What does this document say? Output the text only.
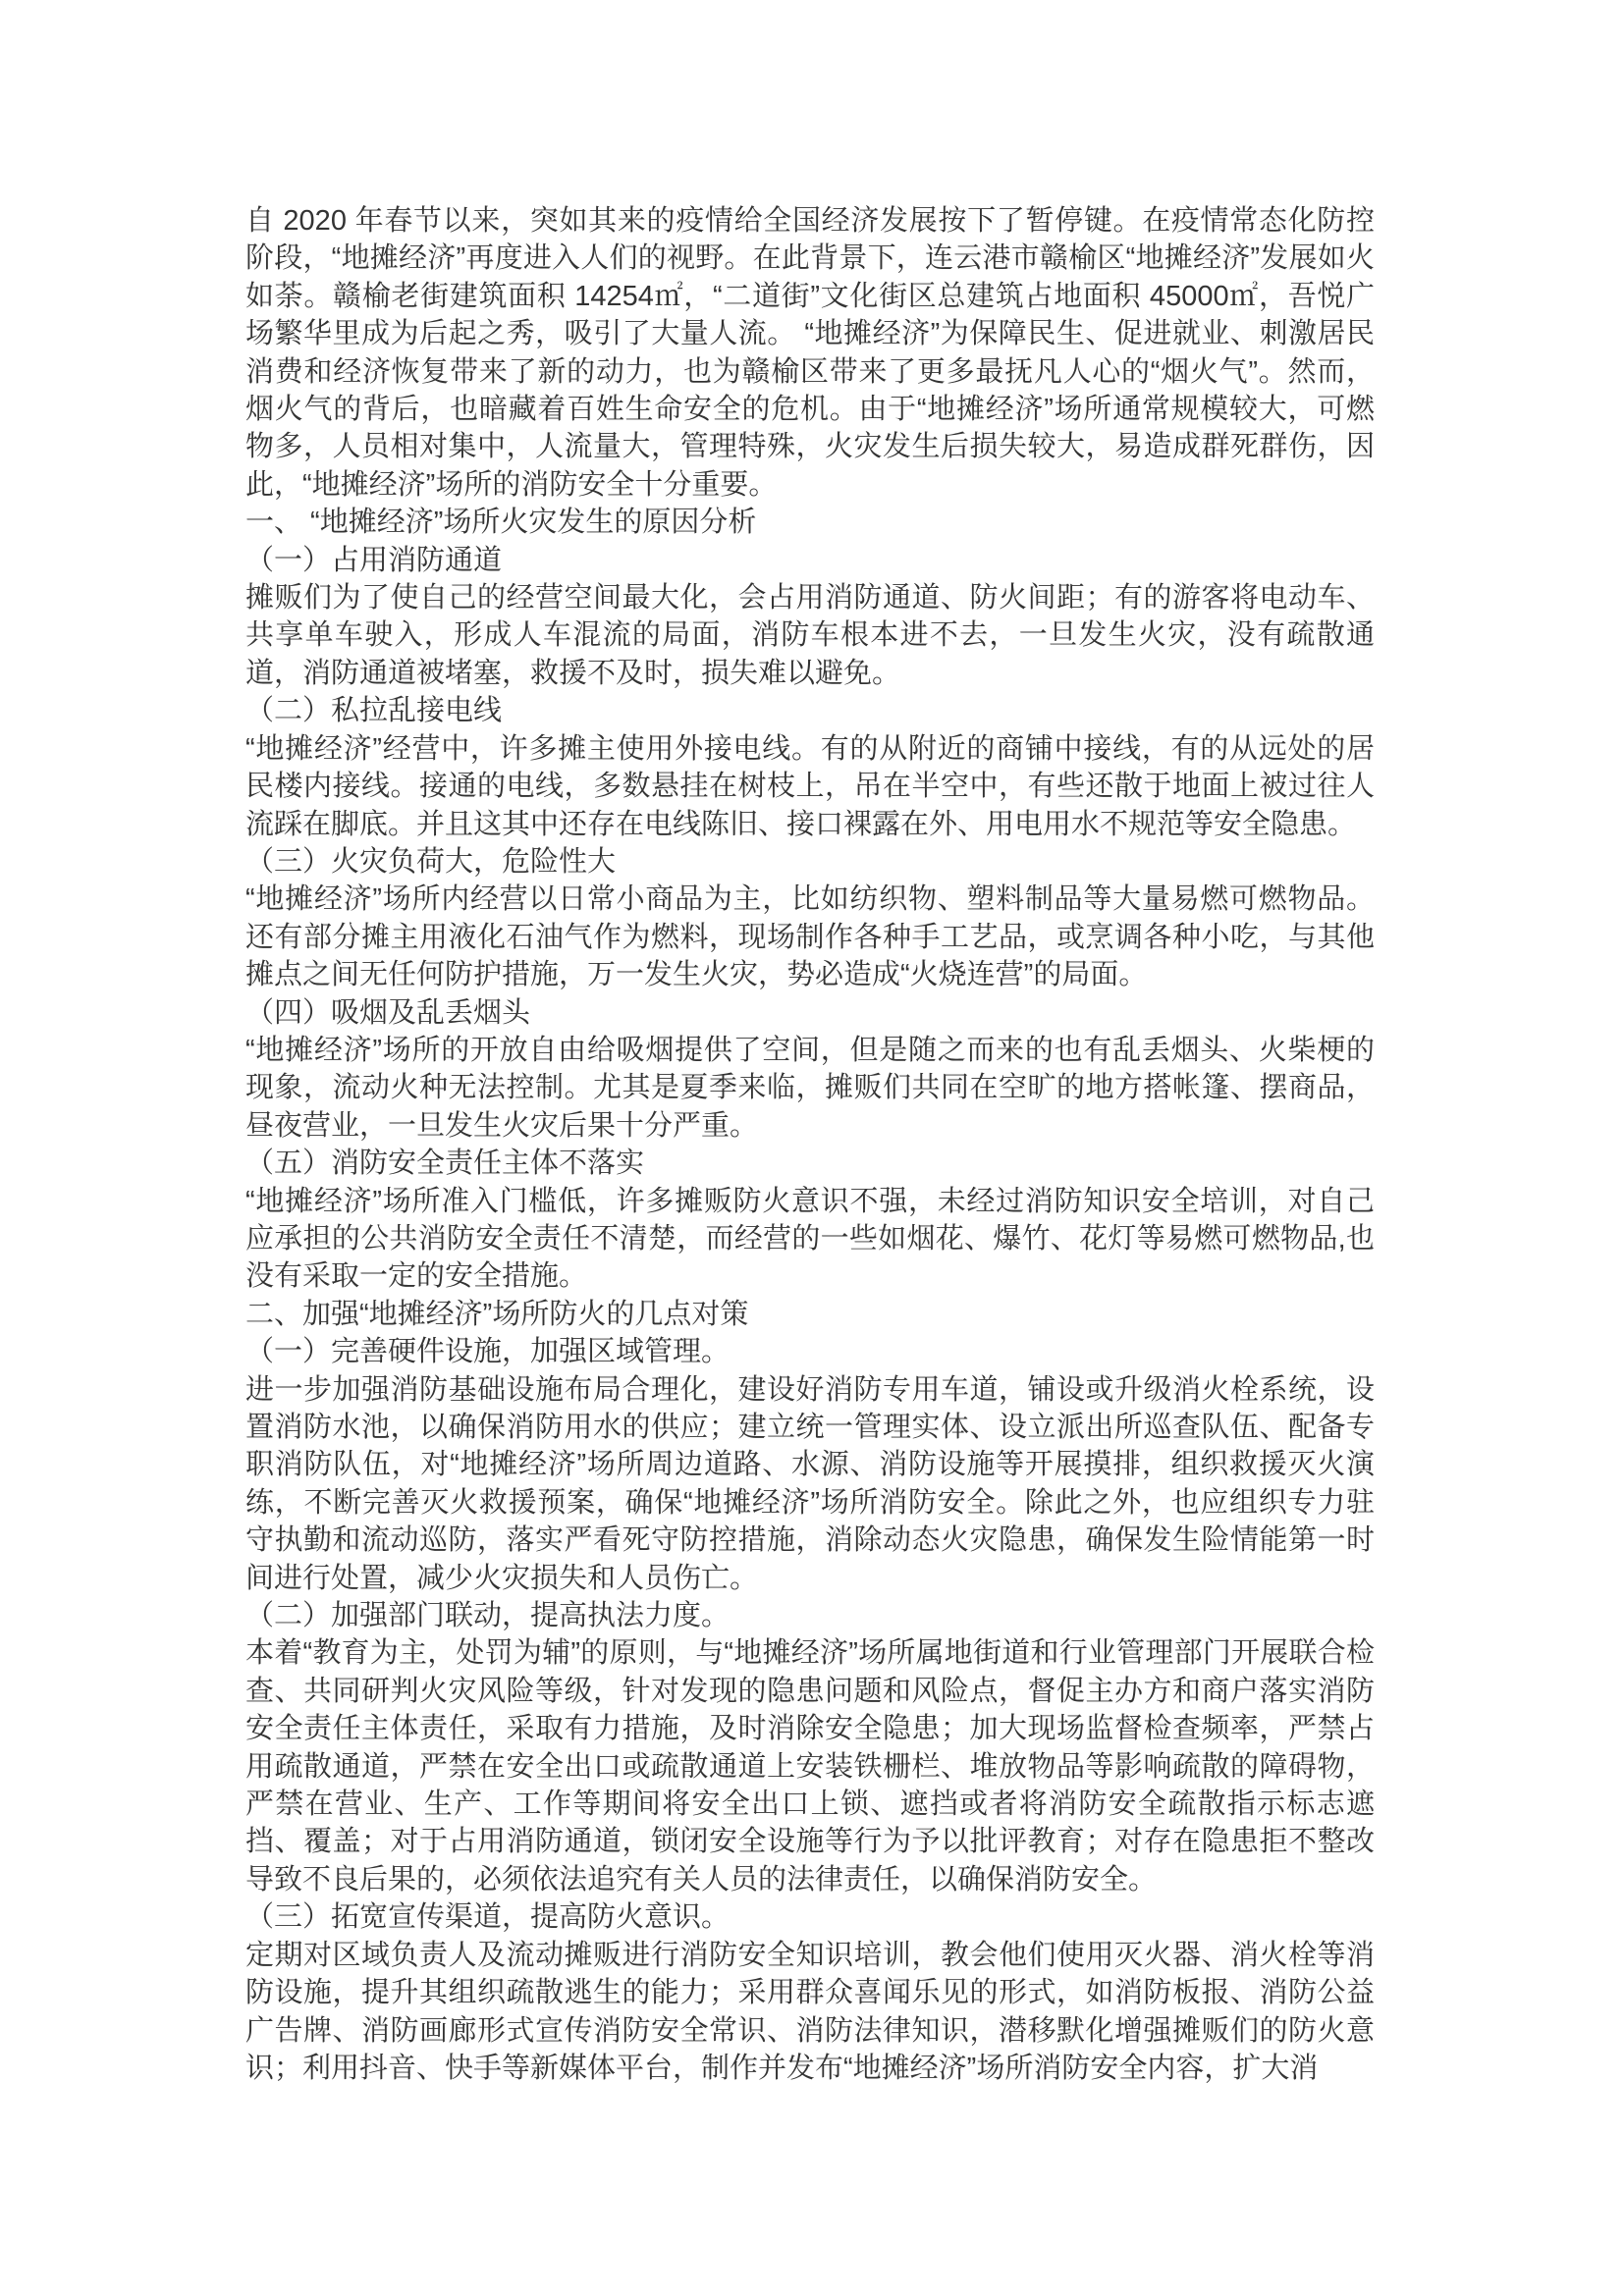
自 2020 年春节以来，突如其来的疫情给全国经济发展按下了暂停键。在疫情常态化防控阶段，“地摊经济”再度进入人们的视野。在此背景下，连云港市赣榆区“地摊经济”发展如火如荼。赣榆老街建筑面积 14254㎡，“二道街”文化街区总建筑占地面积 45000㎡，吾悦广场繁华里成为后起之秀，吸引了大量人流。 “地摊经济”为保障民生、促进就业、刺激居民消费和经济恢复带来了新的动力，也为赣榆区带来了更多最抚凡人心的“烟火气”。然而，烟火气的背后，也暗藏着百姓生命安全的危机。由于“地摊经济”场所通常规模较大，可燃物多，人员相对集中，人流量大，管理特殊，火灾发生后损失较大，易造成群死群伤，因此，“地摊经济”场所的消防安全十分重要。

一、 “地摊经济”场所火灾发生的原因分析

（一）占用消防通道

摊贩们为了使自己的经营空间最大化，会占用消防通道、防火间距；有的游客将电动车、共享单车驶入，形成人车混流的局面，消防车根本进不去，一旦发生火灾，没有疏散通道，消防通道被堵塞，救援不及时，损失难以避免。

（二）私拉乱接电线

“地摊经济”经营中，许多摊主使用外接电线。有的从附近的商铺中接线，有的从远处的居民楼内接线。接通的电线，多数悬挂在树枝上，吊在半空中，有些还散于地面上被过往人流踩在脚底。并且这其中还存在电线陈旧、接口裸露在外、用电用水不规范等安全隐患。

（三）火灾负荷大，危险性大

“地摊经济”场所内经营以日常小商品为主，比如纺织物、塑料制品等大量易燃可燃物品。还有部分摊主用液化石油气作为燃料，现场制作各种手工艺品，或烹调各种小吃，与其他摊点之间无任何防护措施，万一发生火灾，势必造成“火烧连营”的局面。

（四）吸烟及乱丢烟头

“地摊经济”场所的开放自由给吸烟提供了空间，但是随之而来的也有乱丢烟头、火柴梗的现象，流动火种无法控制。尤其是夏季来临，摊贩们共同在空旷的地方搭帐篷、摆商品，昼夜营业，一旦发生火灾后果十分严重。

（五）消防安全责任主体不落实

“地摊经济”场所准入门槛低，许多摊贩防火意识不强，未经过消防知识安全培训，对自己应承担的公共消防安全责任不清楚，而经营的一些如烟花、爆竹、花灯等易燃可燃物品,也没有采取一定的安全措施。

二、加强“地摊经济”场所防火的几点对策

（一）完善硬件设施，加强区域管理。

进一步加强消防基础设施布局合理化，建设好消防专用车道，铺设或升级消火栓系统，设置消防水池，以确保消防用水的供应；建立统一管理实体、设立派出所巡查队伍、配备专职消防队伍，对“地摊经济”场所周边道路、水源、消防设施等开展摸排，组织救援灭火演练，不断完善灭火救援预案，确保“地摊经济”场所消防安全。除此之外，也应组织专力驻守执勤和流动巡防，落实严看死守防控措施，消除动态火灾隐患，确保发生险情能第一时间进行处置，减少火灾损失和人员伤亡。

（二）加强部门联动，提高执法力度。

本着“教育为主，处罚为辅”的原则，与“地摊经济”场所属地街道和行业管理部门开展联合检查、共同研判火灾风险等级，针对发现的隐患问题和风险点，督促主办方和商户落实消防安全责任主体责任，采取有力措施，及时消除安全隐患；加大现场监督检查频率，严禁占用疏散通道，严禁在安全出口或疏散通道上安装铁栅栏、堆放物品等影响疏散的障碍物，严禁在营业、生产、工作等期间将安全出口上锁、遮挡或者将消防安全疏散指示标志遮挡、覆盖；对于占用消防通道，锁闭安全设施等行为予以批评教育；对存在隐患拒不整改导致不良后果的，必须依法追究有关人员的法律责任，以确保消防安全。

（三）拓宽宣传渠道，提高防火意识。

定期对区域负责人及流动摊贩进行消防安全知识培训，教会他们使用灭火器、消火栓等消防设施，提升其组织疏散逃生的能力；采用群众喜闻乐见的形式，如消防板报、消防公益广告牌、消防画廊形式宣传消防安全常识、消防法律知识，潜移默化增强摊贩们的防火意识；利用抖音、快手等新媒体平台，制作并发布“地摊经济”场所消防安全内容，扩大消
